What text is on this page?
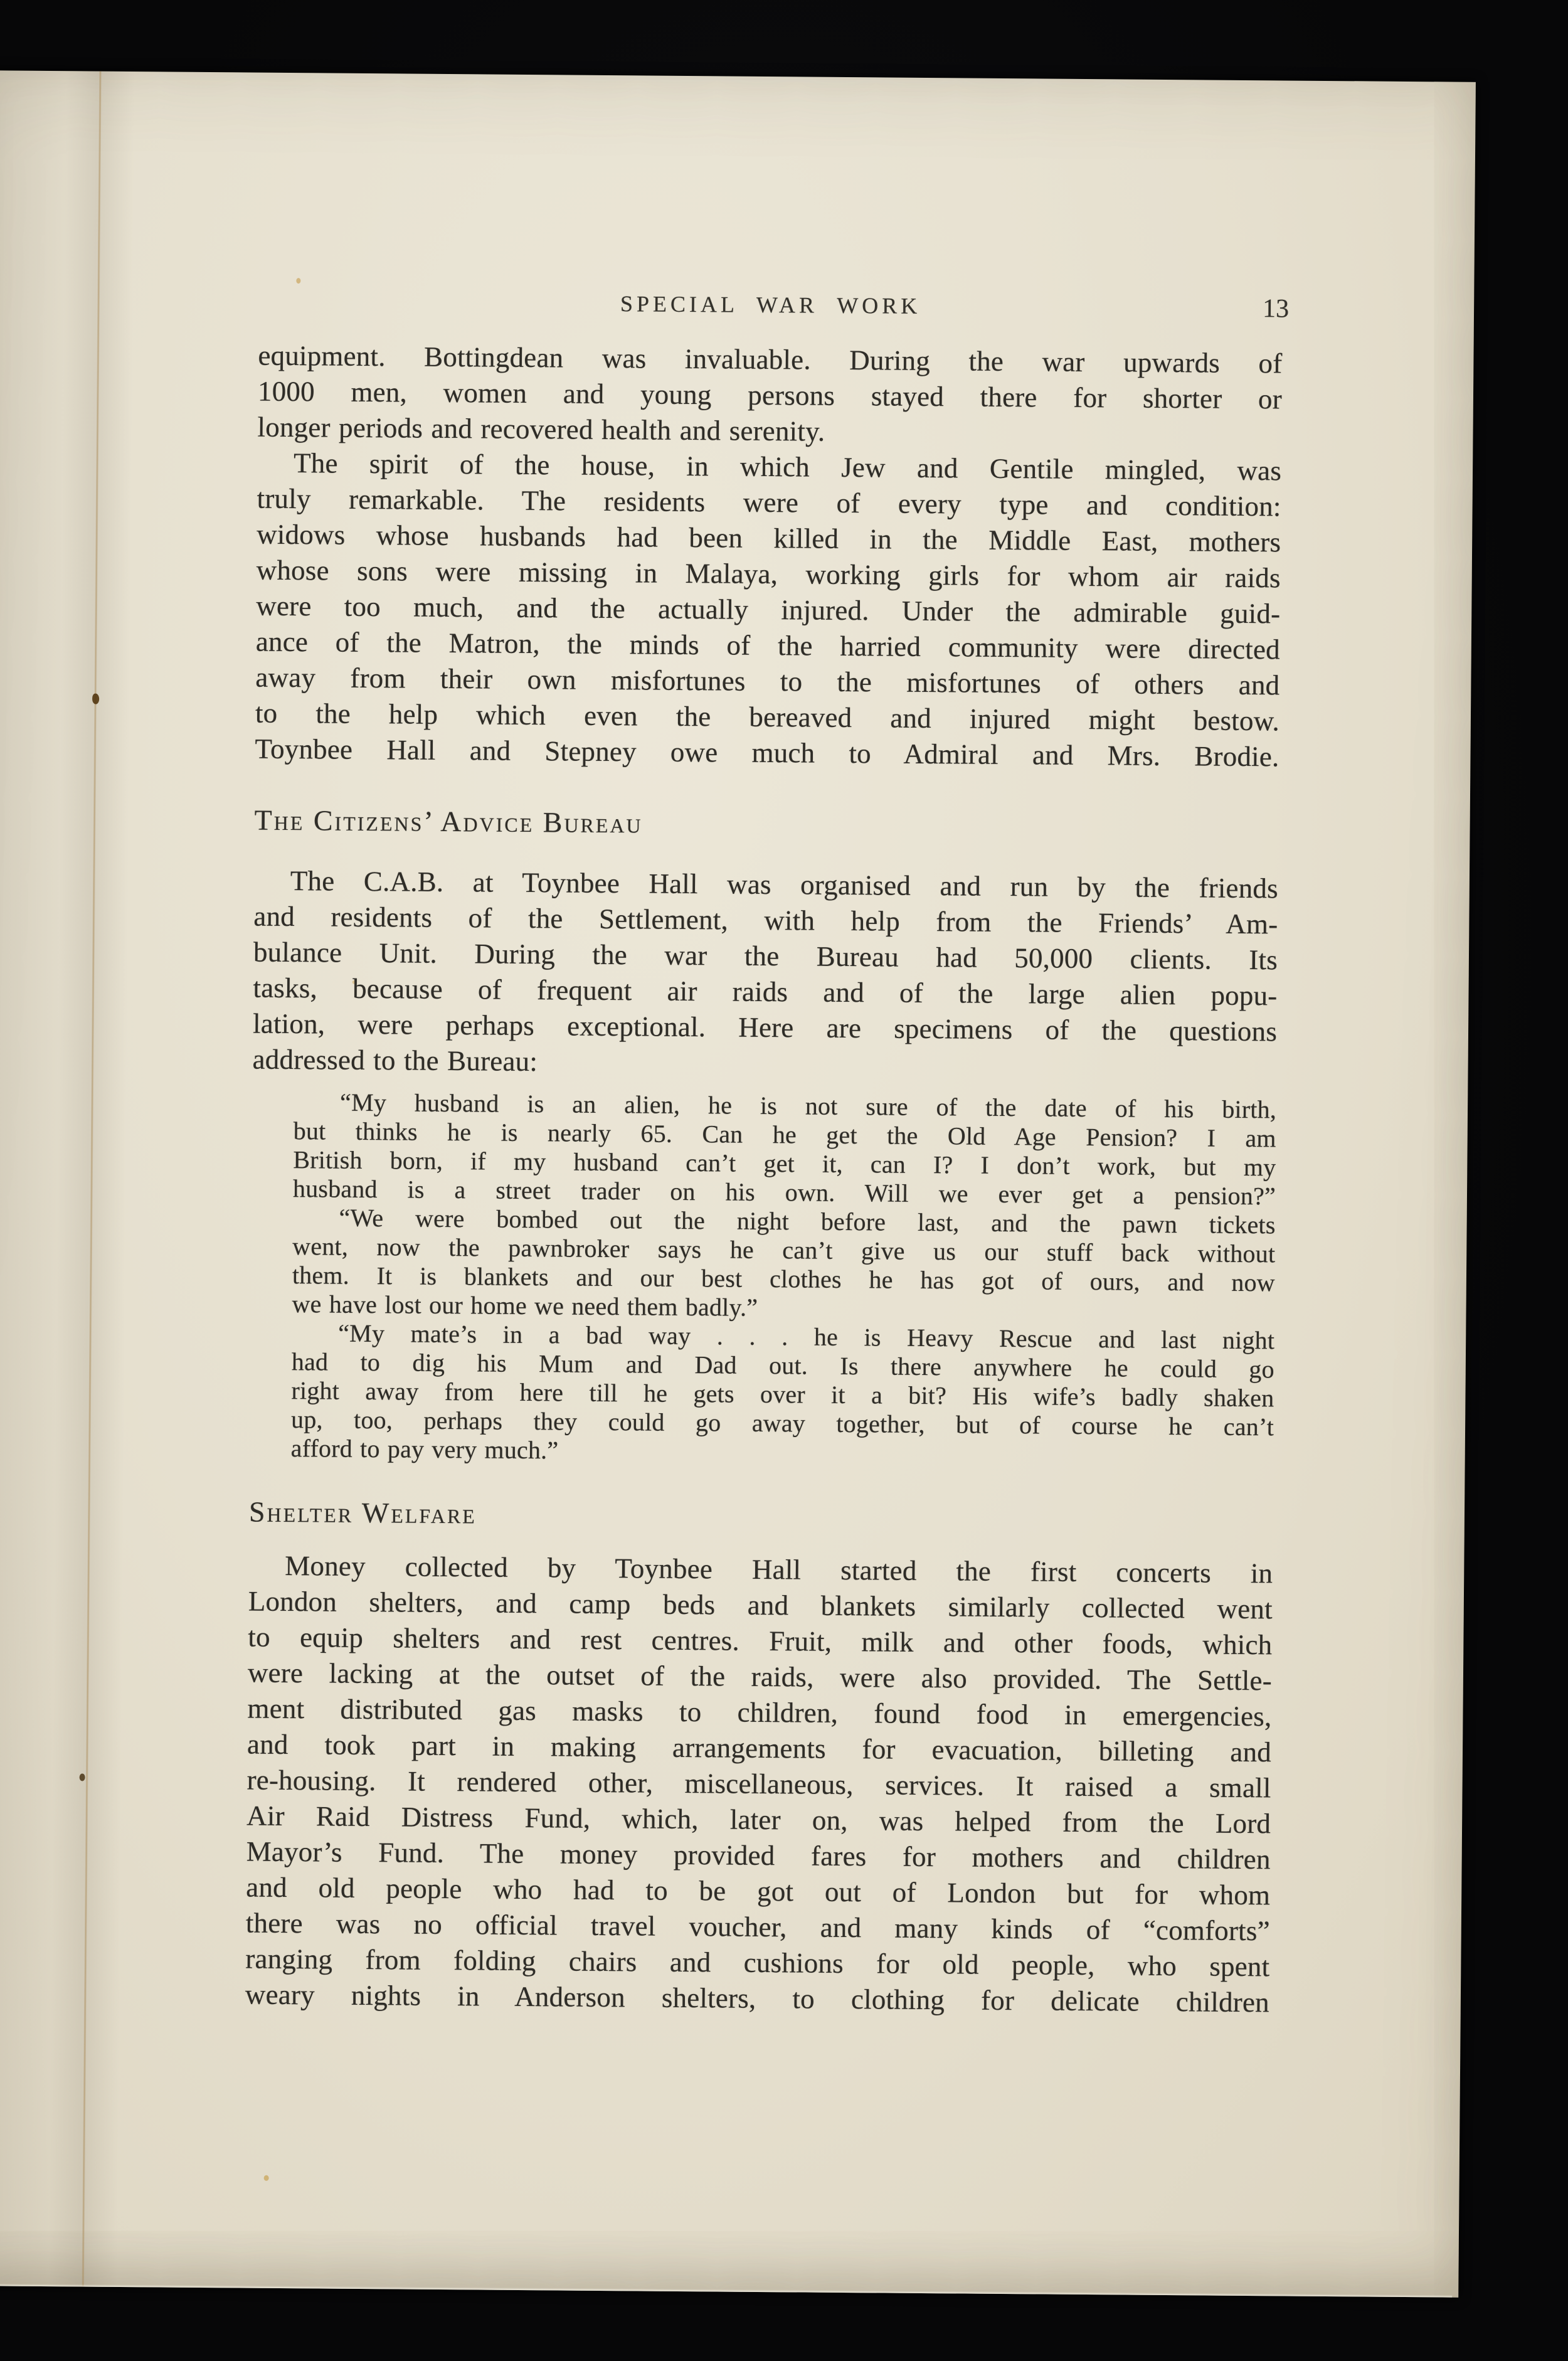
SPECIAL WAR WORK	13
equipment. Bottingdean was invaluable. During the war upwards of
1000 men, women and young persons stayed there for shorter or
longer periods and recovered health and serenity.
The spirit of the house, in which Jew and Gentile mingled, was
truly remarkable. The residents were of every type and condition:
widows whose husbands had been killed in the Middle East, mothers
whose sons were missing in Malaya, working girls for whom air raids
were too much, and the actually injured. Under the admirable guid-
ance of the Matron, the minds of the harried community were directed
away from their own misfortunes to the misfortunes of others and
to the help which even the bereaved and injured might bestow.
Toynbee Hall and Stepney owe much to Admiral and Mrs. Brodie.
The Citizens’ Advice Bureau
The C.A.B. at Toynbee Hall was organised and run by the friends
and residents of the Settlement, with help from the Friends’ Am-
bulance Unit. During the war the Bureau had 50,000 clients. Its
tasks, because of frequent air raids and of the large alien popu-
lation, were perhaps exceptional. Here are specimens of the questions
addressed to the Bureau:
“My husband is an alien, he is not sure of the date of his birth,
but thinks he is nearly 65. Can he get the Old Age Pension? I am
British born, if my husband can’t get it, can I? I don’t work, but my
husband is a street trader on his own. Will we ever get a pension?”
“We were bombed out the night before last, and the pawn tickets
went, now the pawnbroker says he can’t give us our stuff back without
them. It is blankets and our best clothes he has got of ours, and now
we have lost our home we need them badly.”
“My mate’s in a bad way . . . he is Heavy Rescue and last night
had to dig his Mum and Dad out. Is there anywhere he could go
right away from here till he gets over it a bit? His wife’s badly shaken
up, too, perhaps they could go away together, but of course he can’t
afford to pay very much.”
Shelter Welfare
Money collected by Toynbee Hall started the first concerts in
London shelters, and camp beds and blankets similarly collected went
to equip shelters and rest centres. Fruit, milk and other foods, which
were lacking at the outset of the raids, were also provided. The Settle-
ment distributed gas masks to children, found food in emergencies,
and took part in making arrangements for evacuation, billeting and
re-housing. It rendered other, miscellaneous, services. It raised a small
Air Raid Distress Fund, which, later on, was helped from the Lord
Mayor’s Fund. The money provided fares for mothers and children
and old people who had to be got out of London but for whom
there was no official travel voucher, and many kinds of “comforts”
ranging from folding chairs and cushions for old people, who spent
weary nights in Anderson shelters, to clothing for delicate children
